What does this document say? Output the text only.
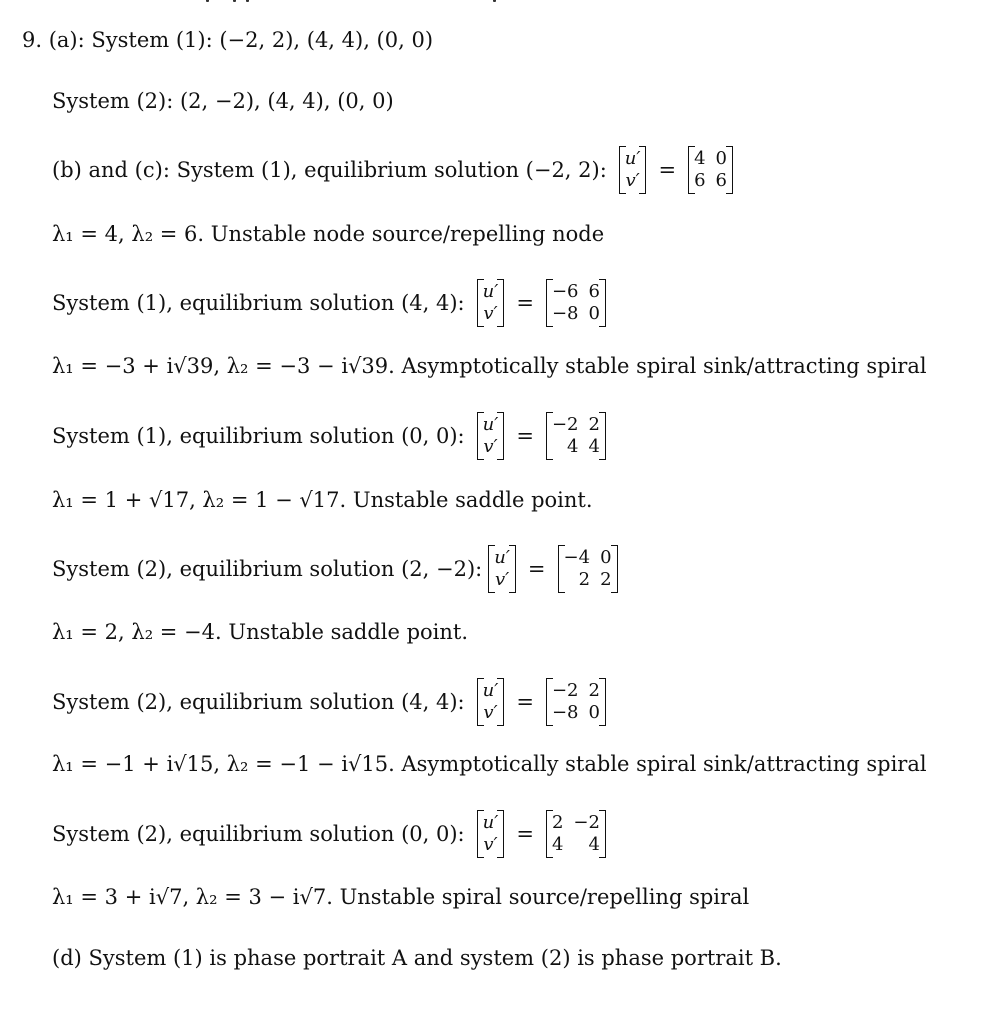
9. (a): System (1): (−2, 2), (4, 4), (0, 0)
System (2): (2, −2), (4, 4), (0, 0)
(b) and (c): System (1), equilibrium solution (−2, 2): u′
v′ = 4 0
6 6
λ₁ = 4, λ₂ = 6. Unstable node source/repelling node
System (1), equilibrium solution (4, 4): u′
v′ = −6 6
−8 0
λ₁ = −3 + i√39, λ₂ = −3 − i√39. Asymptotically stable spiral sink/attracting spiral
System (1), equilibrium solution (0, 0): u′
v′ = −2 2
4 4
λ₁ = 1 + √17, λ₂ = 1 − √17. Unstable saddle point.
System (2), equilibrium solution (2, −2): u′
v′ = −4 0
2 2
λ₁ = 2, λ₂ = −4. Unstable saddle point.
System (2), equilibrium solution (4, 4): u′
v′ = −2 2
−8 0
λ₁ = −1 + i√15, λ₂ = −1 − i√15. Asymptotically stable spiral sink/attracting spiral
System (2), equilibrium solution (0, 0): u′
v′ = 2 −2
4 4
λ₁ = 3 + i√7, λ₂ = 3 − i√7. Unstable spiral source/repelling spiral
(d) System (1) is phase portrait A and system (2) is phase portrait B.
